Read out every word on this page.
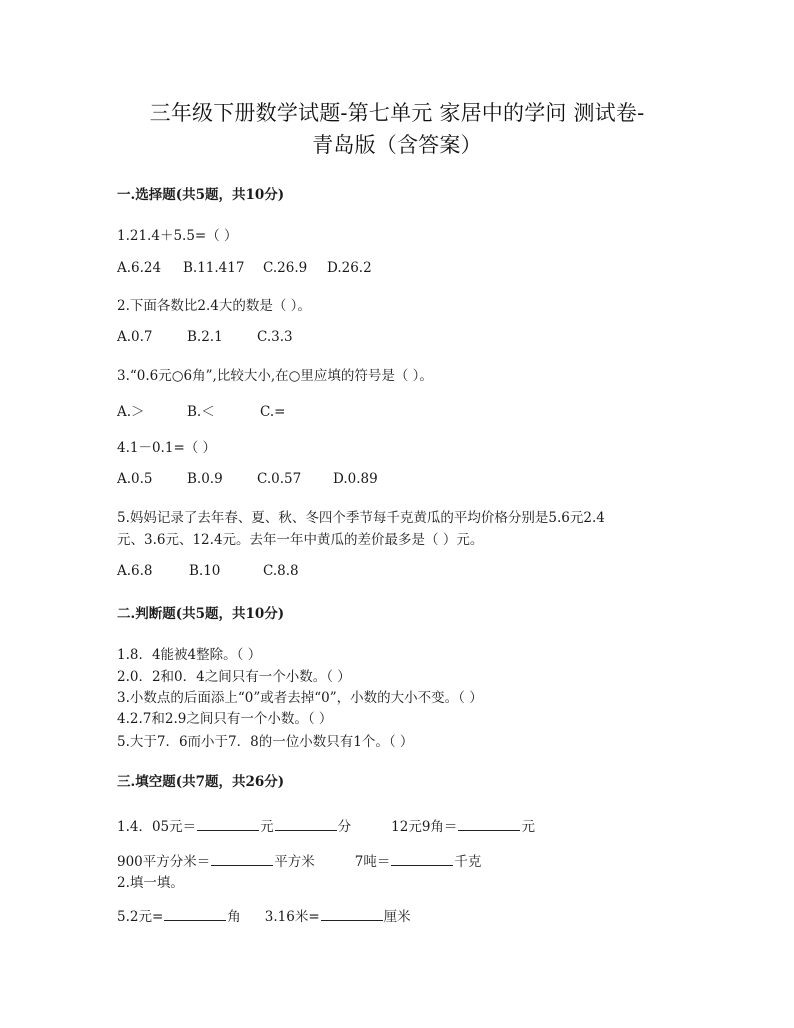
三年级下册数学试题-第七单元 家居中的学问 测试卷-
青岛版（含答案）
一.选择题(共5题，共10分)
1.21.4＋5.5=（ ）
A.6.24 B.11.417 C.26.9 D.26.2
2.下面各数比2.4大的数是（ ）。
A.0.7	B.2.1	C.3.3
3.“0.6元○6角”,比较大小,在○里应填的符号是（ ）。
A.＞	B.＜	C.=
4.1－0.1=（ ）
A.0.5	B.0.9	C.0.57 D.0.89
5.妈妈记录了去年春、夏、秋、冬四个季节每千克黄瓜的平均价格分别是5.6元2.4
元、3.6元、12.4元。去年一年中黄瓜的差价最多是（ ）元。
A.6.8	B.10	C.8.8
二.判断题(共5题，共10分)
1.8．4能被4整除。（ ）
2.0．2和0．4之间只有一个小数。（ ）
3.小数点的后面添上“0”或者去掉“0”，小数的大小不变。（ ）
4.2.7和2.9之间只有一个小数。（ ）
5.大于7．6而小于7．8的一位小数只有1个。（ ）
三.填空题(共7题，共26分)
1.4．05元＝	元	分	12元9角＝	元
900平方分米＝	平方米	7吨＝	千克
2.填一填。
5.2元=	角 3.16米=	厘米
